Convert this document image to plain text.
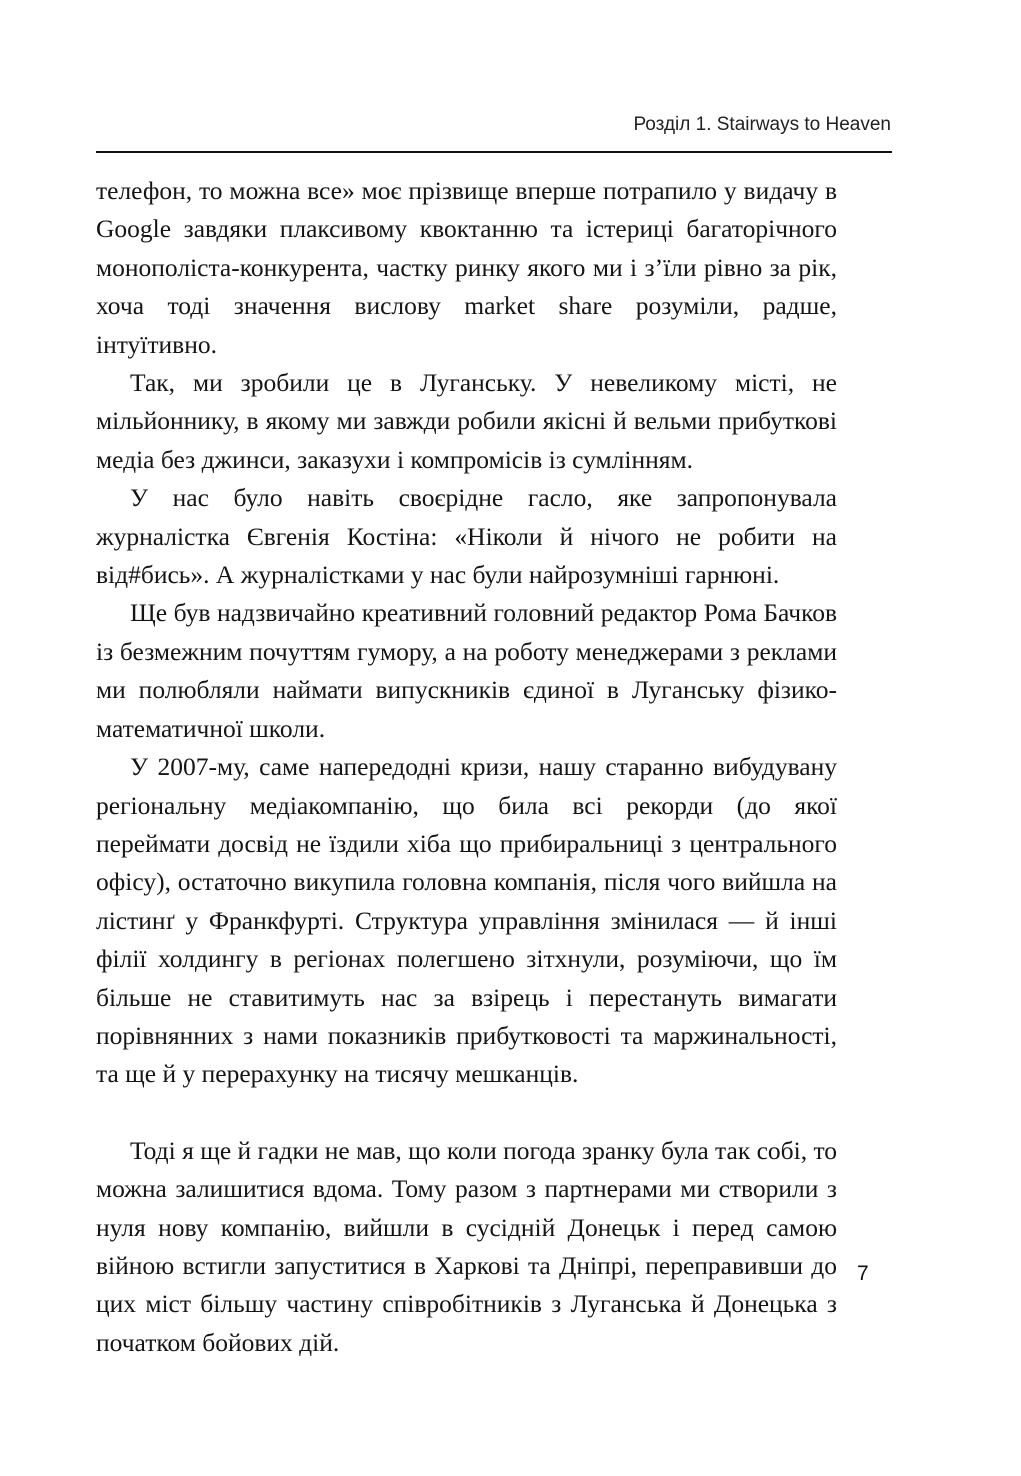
Розділ 1. Stairways to Heaven

телефон, то можна все» моє прізвище вперше потрапило у видачу в Google завдяки плаксивому квоктанню та істериці багаторічного монополіста-конкурента, частку ринку якого ми і з’їли рівно за рік, хоча тоді значення вислову market share розуміли, радше, інтуїтивно.

Так, ми зробили це в Луганську. У невеликому місті, не мільйоннику, в якому ми завжди робили якісні й вельми прибуткові медіа без джинси, заказухи і компромісів із сумлінням.

У нас було навіть своєрідне гасло, яке запропонувала журналістка Євгенія Костіна: «Ніколи й нічого не робити на від#бись». А журналістками у нас були найрозумніші гарнюні.

Ще був надзвичайно креативний головний редактор Рома Бачков із безмежним почуттям гумору, а на роботу менеджерами з реклами ми полюбляли наймати випускників єдиної в Луганську фізико-математичної школи.

У 2007-му, саме напередодні кризи, нашу старанно вибудувану регіональну медіакомпанію, що била всі рекорди (до якої переймати досвід не їздили хіба що прибиральниці з центрального офісу), остаточно викупила головна компанія, після чого вийшла на лістинґ у Франкфурті. Структура управління змінилася — й інші філії холдингу в регіонах полегшено зітхнули, розуміючи, що їм більше не ставитимуть нас за взірець і перестануть вимагати порівнянних з нами показників прибутковості та маржинальності, та ще й у перерахунку на тисячу мешканців.

Тоді я ще й гадки не мав, що коли погода зранку була так собі, то можна залишитися вдома. Тому разом з партнерами ми створили з нуля нову компанію, вийшли в сусідній Донецьк і перед самою війною встигли запуститися в Харкові та Дніпрі, переправивши до цих міст більшу частину співробітників з Луганська й Донецька з початком бойових дій.

7
